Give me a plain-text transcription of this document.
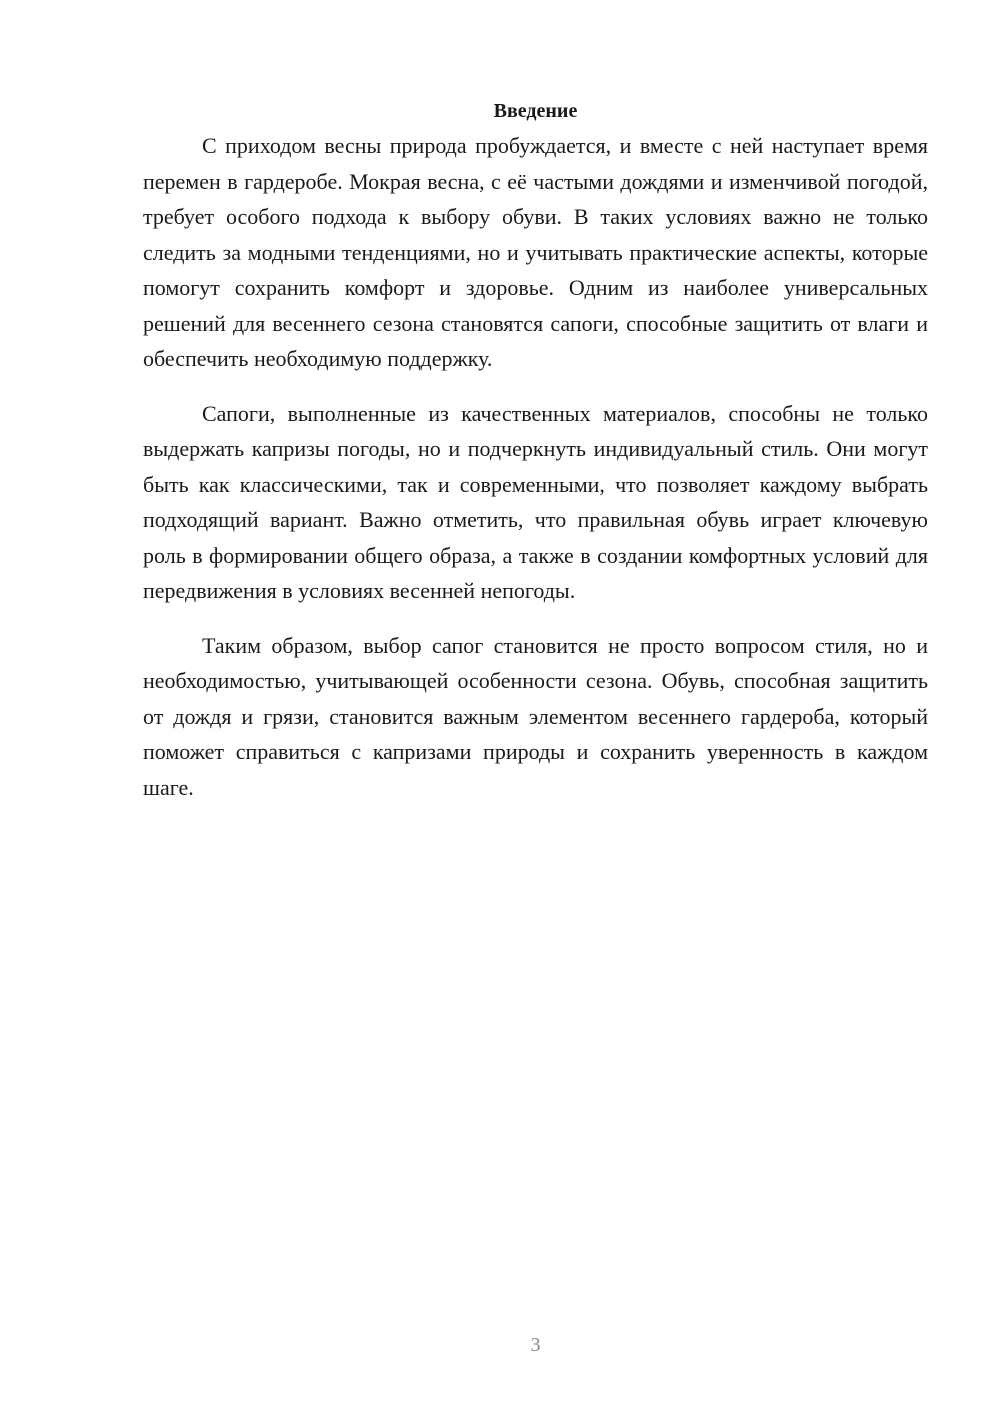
Введение

С приходом весны природа пробуждается, и вместе с ней наступает время перемен в гардеробе. Мокрая весна, с её частыми дождями и изменчивой погодой, требует особого подхода к выбору обуви. В таких условиях важно не только следить за модными тенденциями, но и учитывать практические аспекты, которые помогут сохранить комфорт и здоровье. Одним из наиболее универсальных решений для весеннего сезона становятся сапоги, способные защитить от влаги и обеспечить необходимую поддержку.

Сапоги, выполненные из качественных материалов, способны не только выдержать капризы погоды, но и подчеркнуть индивидуальный стиль. Они могут быть как классическими, так и современными, что позволяет каждому выбрать подходящий вариант. Важно отметить, что правильная обувь играет ключевую роль в формировании общего образа, а также в создании комфортных условий для передвижения в условиях весенней непогоды.

Таким образом, выбор сапог становится не просто вопросом стиля, но и необходимостью, учитывающей особенности сезона. Обувь, способная защитить от дождя и грязи, становится важным элементом весеннего гардероба, который поможет справиться с капризами природы и сохранить уверенность в каждом шаге.

3
